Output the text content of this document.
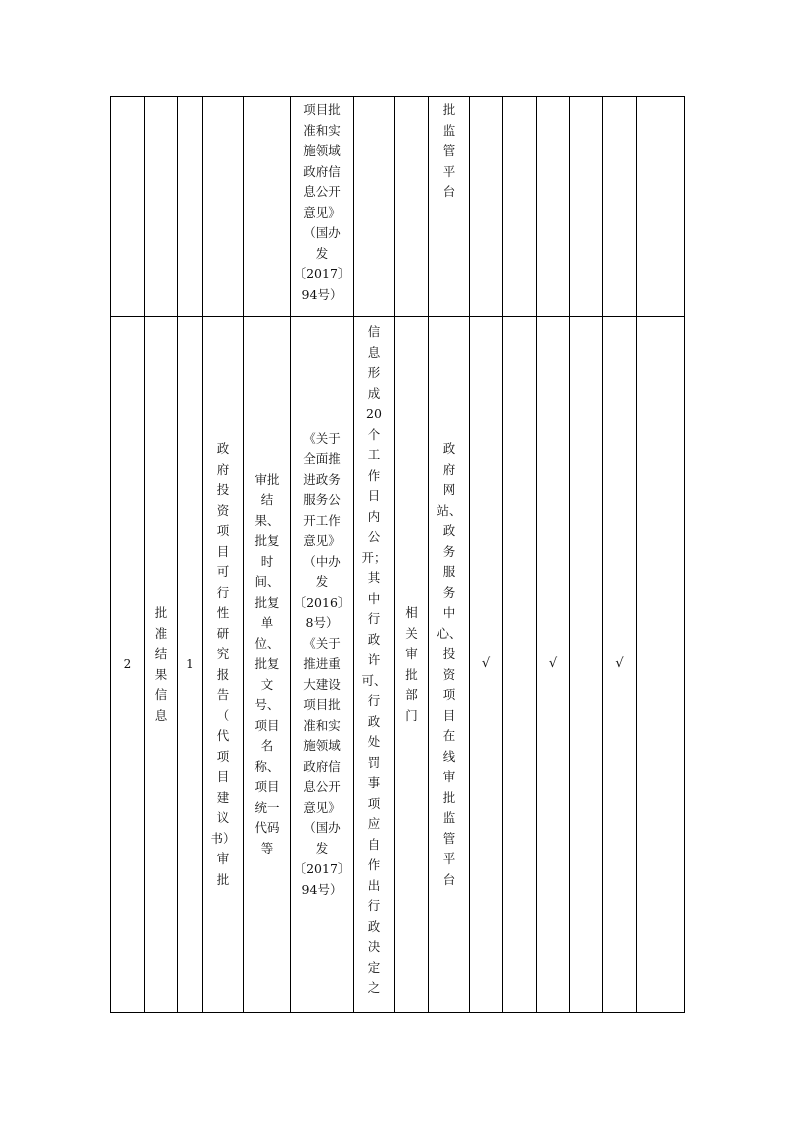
项目批
准和实
施领域
政府信
息公开
意见》
（国办
发
〔2017〕
94号）
批
监
管
平
台
2
批
准
结
果
信
息
1
政
府
投
资
项
目
可
行
性
研
究
报
告
（
代
项
目
建
议
书）
审
批
审批
结
果、
批复
时
间、
批复
单
位、
批复
文
号、
项目
名
称、
项目
统一
代码
等
《关于
全面推
进政务
服务公
开工作
意见》
（中办
发
〔2016〕
8号）
《关于
推进重
大建设
项目批
准和实
施领域
政府信
息公开
意见》
（国办
发
〔2017〕
94号）
信
息
形
成
20
个
工
作
日
内
公
开；
其
中
行
政
许
可、
行
政
处
罚
事
项
应
自
作
出
行
政
决
定
之
相
关
审
批
部
门
政
府
网
站、
政
务
服
务
中
心、
投
资
项
目
在
线
审
批
监
管
平
台
√	√	√
